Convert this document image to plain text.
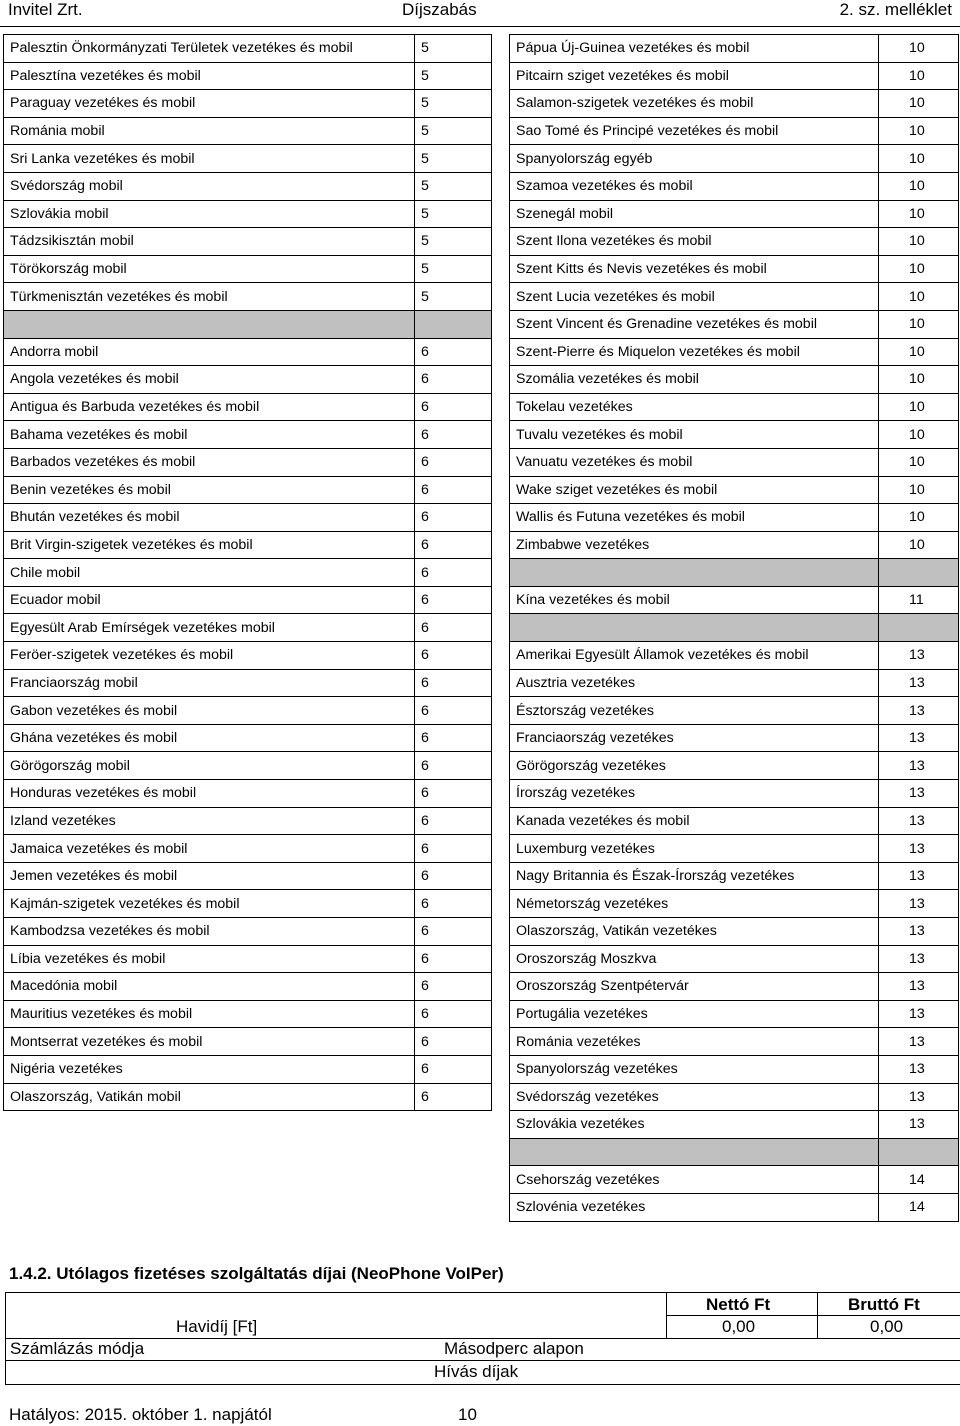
Invitel Zrt.	Díjszabás	2. sz. melléklet
Palesztin Önkormányzati Területek vezetékes és mobil	5
Palesztína vezetékes és mobil	5
Paraguay vezetékes és mobil	5
Románia mobil	5
Sri Lanka vezetékes és mobil	5
Svédország mobil	5
Szlovákia mobil	5
Tádzsikisztán mobil	5
Törökország mobil	5
Türkmenisztán vezetékes és mobil	5

Andorra mobil	6
Angola vezetékes és mobil	6
Antigua és Barbuda vezetékes és mobil	6
Bahama vezetékes és mobil	6
Barbados vezetékes és mobil	6
Benin vezetékes és mobil	6
Bhután vezetékes és mobil	6
Brit Virgin-szigetek vezetékes és mobil	6
Chile mobil	6
Ecuador mobil	6
Egyesült Arab Emírségek vezetékes mobil	6
Feröer-szigetek vezetékes és mobil	6
Franciaország mobil	6
Gabon vezetékes és mobil	6
Ghána vezetékes és mobil	6
Görögország mobil	6
Honduras vezetékes és mobil	6
Izland vezetékes	6
Jamaica vezetékes és mobil	6
Jemen vezetékes és mobil	6
Kajmán-szigetek vezetékes és mobil	6
Kambodzsa vezetékes és mobil	6
Líbia vezetékes és mobil	6
Macedónia mobil	6
Mauritius vezetékes és mobil	6
Montserrat vezetékes és mobil	6
Nigéria vezetékes	6
Olaszország, Vatikán mobil	6
Pápua Új-Guinea vezetékes és mobil	10
Pitcairn sziget vezetékes és mobil	10
Salamon-szigetek vezetékes és mobil	10
Sao Tomé és Principé vezetékes és mobil	10
Spanyolország egyéb	10
Szamoa vezetékes és mobil	10
Szenegál mobil	10
Szent Ilona vezetékes és mobil	10
Szent Kitts és Nevis vezetékes és mobil	10
Szent Lucia vezetékes és mobil	10
Szent Vincent és Grenadine vezetékes és mobil	10
Szent-Pierre és Miquelon vezetékes és mobil	10
Szomália vezetékes és mobil	10
Tokelau vezetékes	10
Tuvalu vezetékes és mobil	10
Vanuatu vezetékes és mobil	10
Wake sziget vezetékes és mobil	10
Wallis és Futuna vezetékes és mobil	10
Zimbabwe vezetékes	10

Kína vezetékes és mobil	11

Amerikai Egyesült Államok vezetékes és mobil	13
Ausztria vezetékes	13
Észtország vezetékes	13
Franciaország vezetékes	13
Görögország vezetékes	13
Írország vezetékes	13
Kanada vezetékes és mobil	13
Luxemburg vezetékes	13
Nagy Britannia és Észak-Írország vezetékes	13
Németország vezetékes	13
Olaszország, Vatikán vezetékes	13
Oroszország Moszkva	13
Oroszország Szentpétervár	13
Portugália vezetékes	13
Románia vezetékes	13
Spanyolország vezetékes	13
Svédország vezetékes	13
Szlovákia vezetékes	13

Csehország vezetékes	14
Szlovénia vezetékes	14
1.4.2. Utólagos fizetéses szolgáltatás díjai (NeoPhone VoIPer)
Nettó Ft	Bruttó Ft
Havidíj [Ft]	0,00	0,00
Számlázás módja	Másodperc alapon
Hívás díjak
Hatályos: 2015. október 1. napjától	10
